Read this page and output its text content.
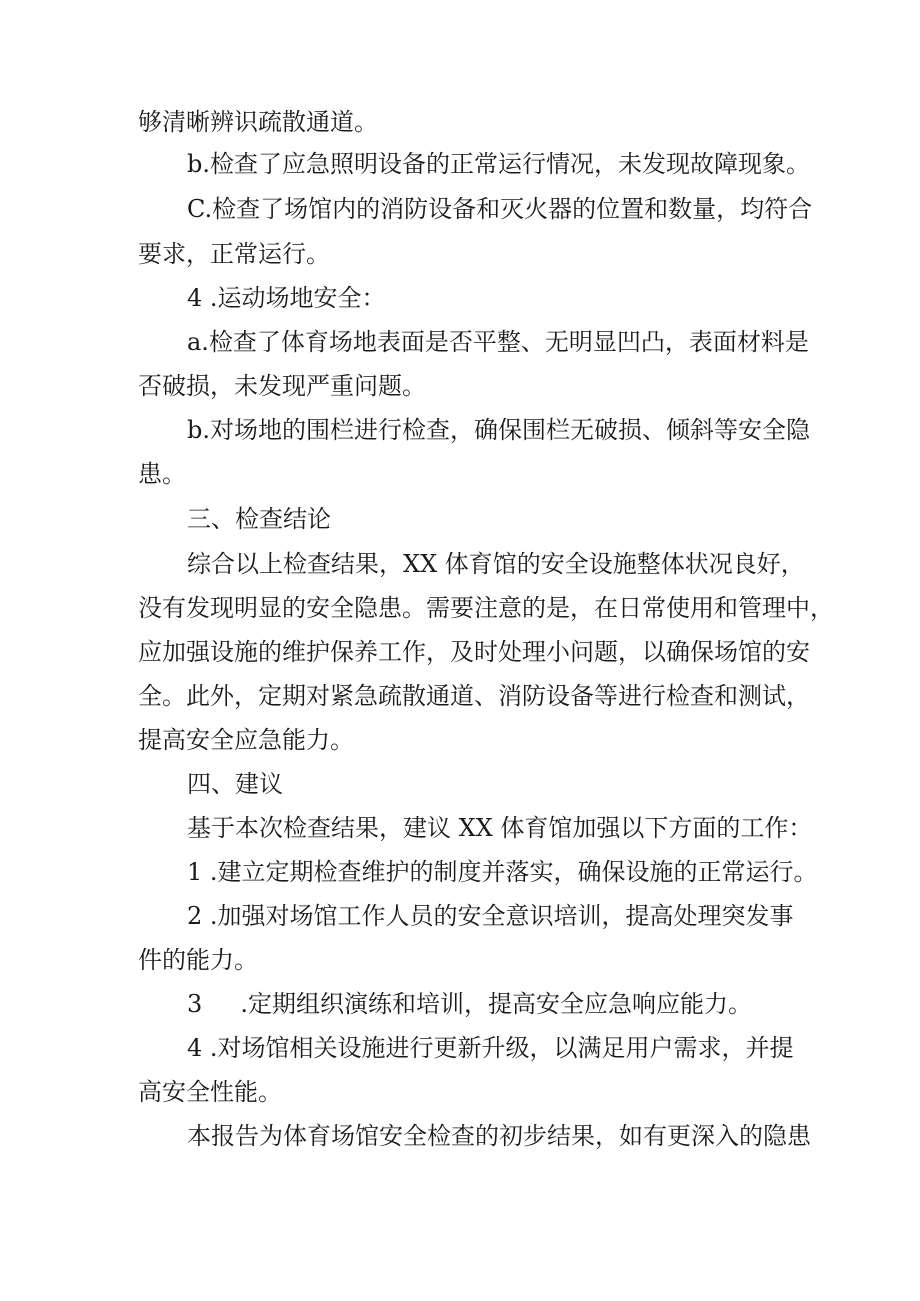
够清晰辨识疏散通道。
b.检查了应急照明设备的正常运行情况，未发现故障现象。
C.检查了场馆内的消防设备和灭火器的位置和数量，均符合
要求，正常运行。
4 .运动场地安全：
a.检查了体育场地表面是否平整、无明显凹凸，表面材料是
否破损，未发现严重问题。
b.对场地的围栏进行检查，确保围栏无破损、倾斜等安全隐
患。
三、检查结论
综合以上检查结果，XX 体育馆的安全设施整体状况良好，
没有发现明显的安全隐患。需要注意的是，在日常使用和管理中，
应加强设施的维护保养工作，及时处理小问题，以确保场馆的安
全。此外，定期对紧急疏散通道、消防设备等进行检查和测试，
提高安全应急能力。
四、建议
基于本次检查结果，建议 XX 体育馆加强以下方面的工作：
1 .建立定期检查维护的制度并落实，确保设施的正常运行。
2 .加强对场馆工作人员的安全意识培训，提高处理突发事
件的能力。
3     .定期组织演练和培训，提高安全应急响应能力。
4 .对场馆相关设施进行更新升级，以满足用户需求，并提
高安全性能。
本报告为体育场馆安全检查的初步结果，如有更深入的隐患
